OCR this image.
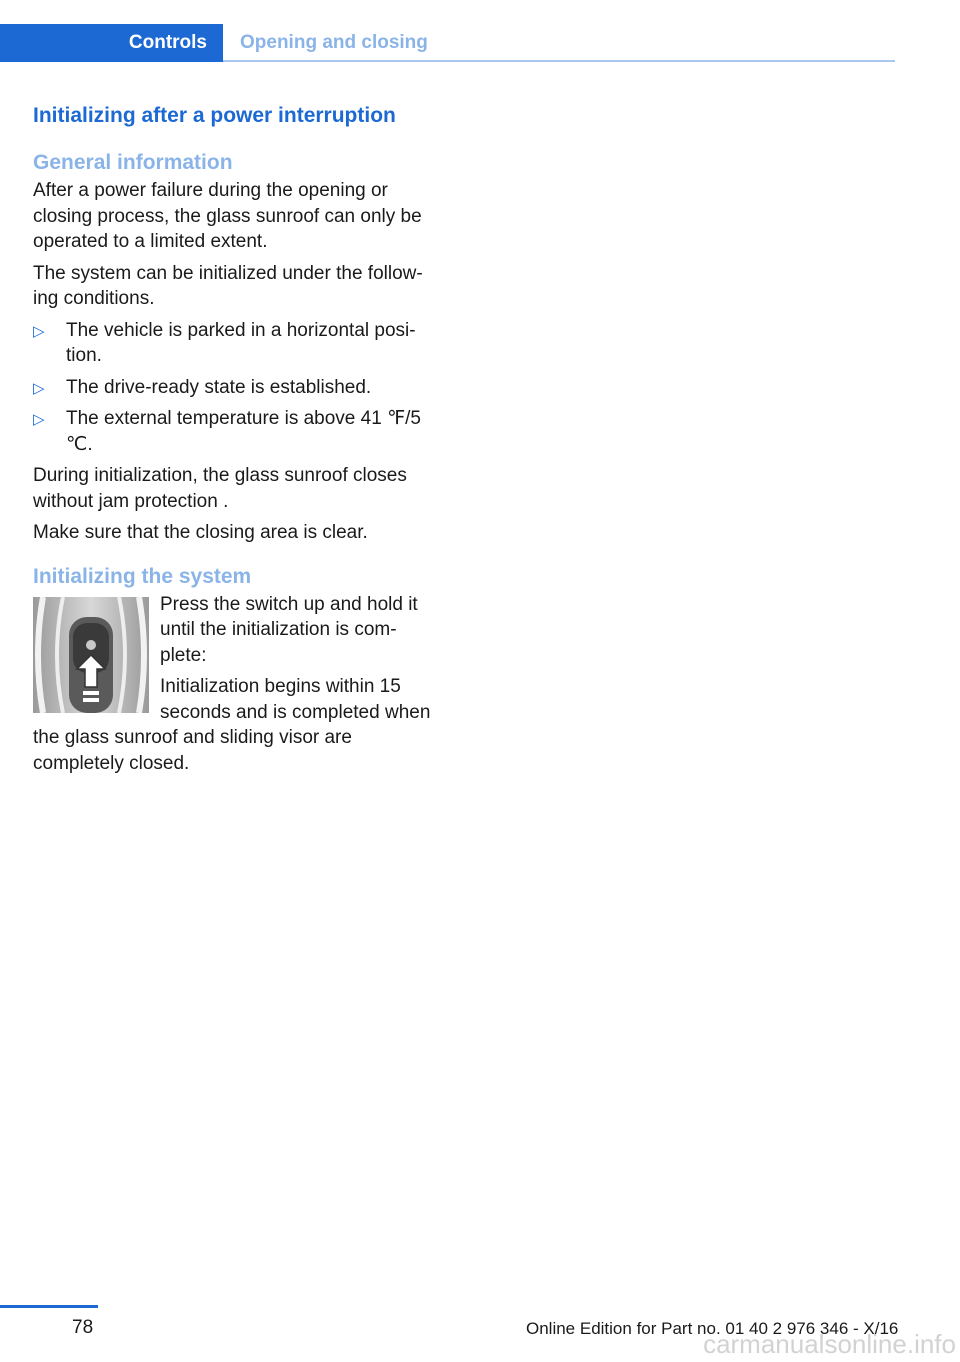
Controls Opening and closing
Initializing after a power interruption
General information

After a power failure during the opening or closing process, the glass sunroof can only be operated to a limited extent.

The system can be initialized under the follow-ing conditions.

▷ The vehicle is parked in a horizontal posi-tion.
▷ The drive-ready state is established.
▷ The external temperature is above 41 ℉/5 ℃.

During initialization, the glass sunroof closes without jam protection .

Make sure that the closing area is clear.

Initializing the system

Press the switch up and hold it until the initialization is com-plete:

Initialization begins within 15 seconds and is completed when the glass sunroof and sliding visor are completely closed.

78	Online Edition for Part no. 01 40 2 976 346 - X/16
carmanualsonline.info
